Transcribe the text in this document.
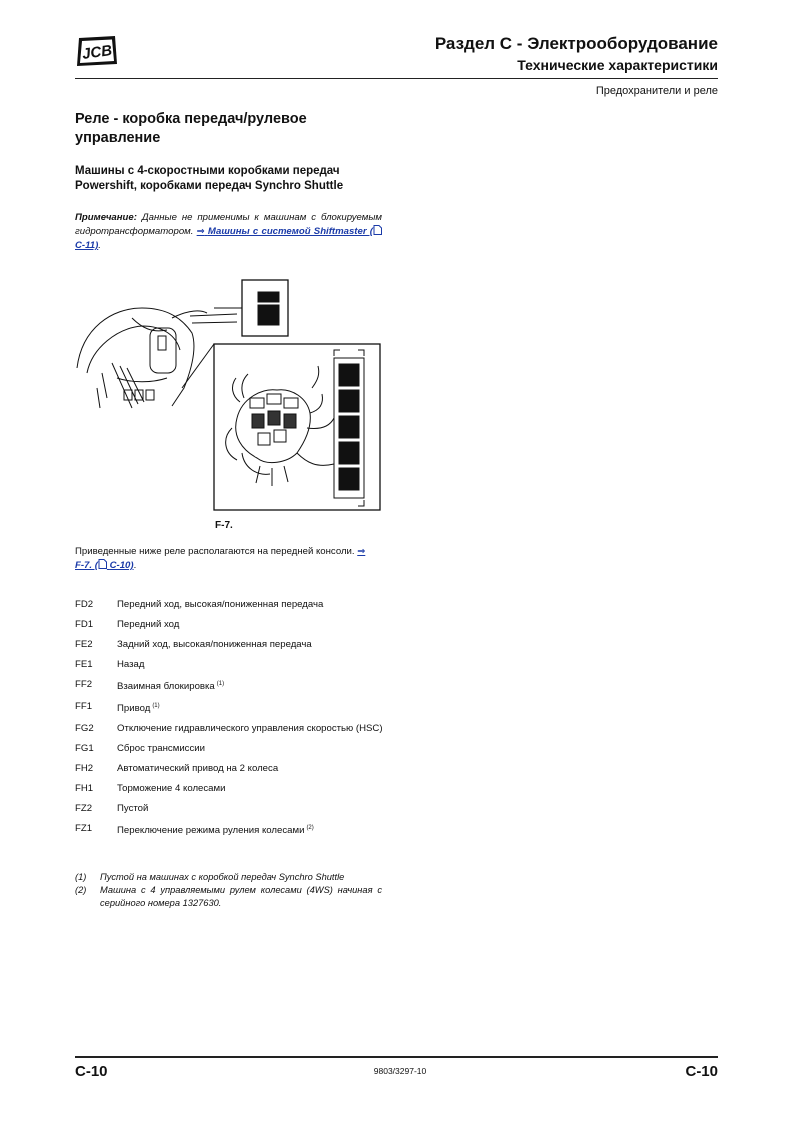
JCB	Раздел C - Электрооборудование
Технические характеристики
Предохранители и реле
Реле - коробка передач/рулевое управление
Машины с 4-скоростными коробками передач Powershift, коробками передач Synchro Shuttle
Примечание: Данные не применимы к машинам с блокируемым гидротрансформатором. ⇒ Машины с системой Shiftmaster ( C-11).
F-7.
Приведенные ниже реле располагаются на передней консоли. ⇒ F-7. ( C-10).
FD2	Передний ход, высокая/пониженная передача
FD1	Передний ход
FE2	Задний ход, высокая/пониженная передача
FE1	Назад
FF2	Взаимная блокировка $^{(1)}$
FF1	Привод $^{(1)}$
FG2	Отключение гидравлического управления скоростью (HSC)
FG1	Сброс трансмиссии
FH2	Автоматический привод на 2 колеса
FH1	Торможение 4 колесами
FZ2	Пустой
FZ1	Переключение режима руления колесами $^{(2)}$
(1)	Пустой на машинах с коробкой передач Synchro Shuttle
(2)	Машина с 4 управляемыми рулем колесами (4WS) начиная с серийного номера 1327630.
C-10	9803/3297-10	C-10
